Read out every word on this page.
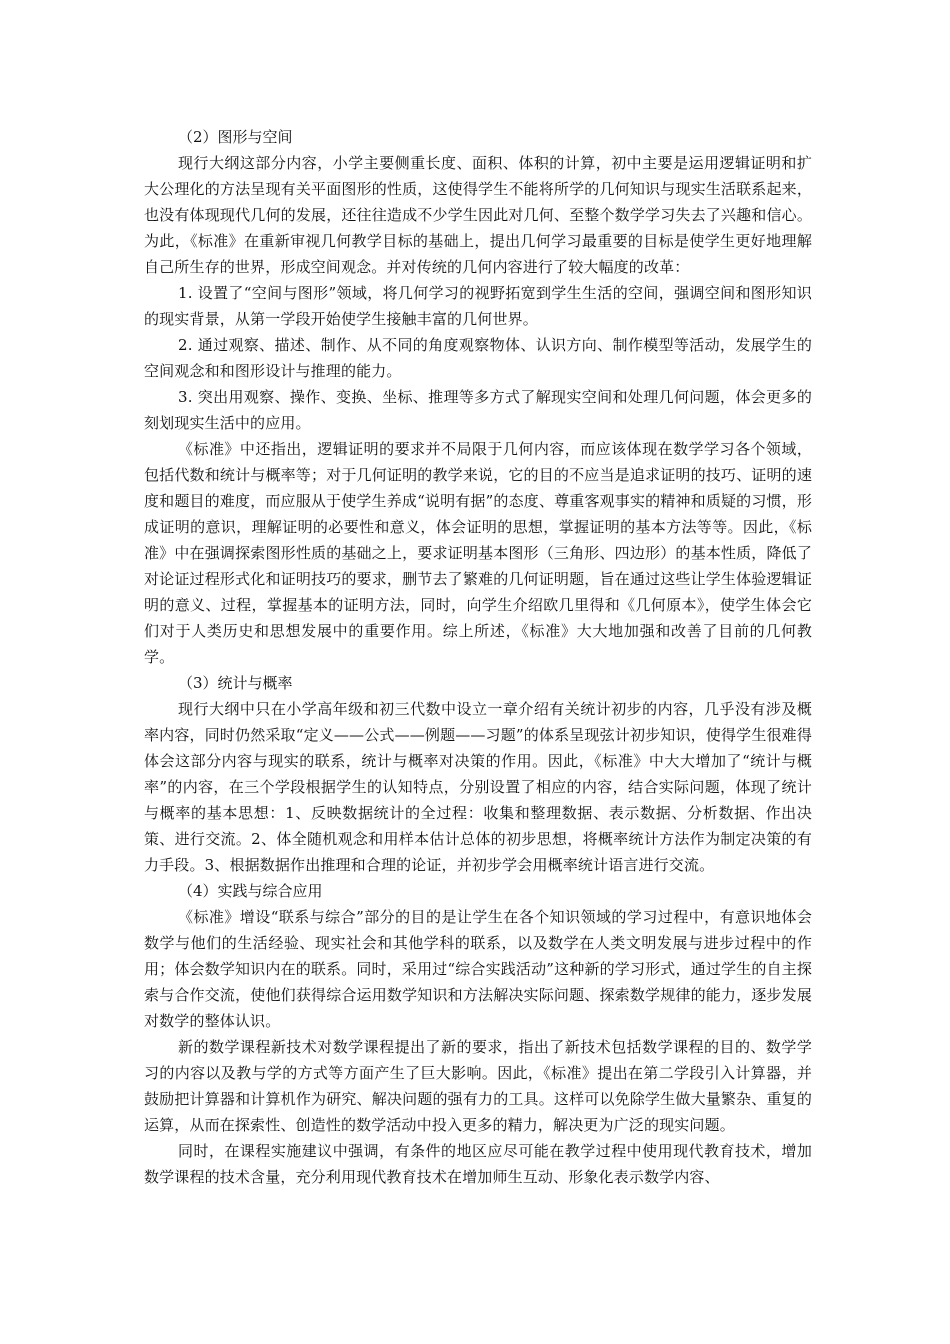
（2）图形与空间

现行大纲这部分内容，小学主要侧重长度、面积、体积的计算，初中主要是运用逻辑证明和扩大公理化的方法呈现有关平面图形的性质，这使得学生不能将所学的几何知识与现实生活联系起来，也没有体现现代几何的发展，还往往造成不少学生因此对几何、至整个数学学习失去了兴趣和信心。为此，《标准》在重新审视几何教学目标的基础上，提出几何学习最重要的目标是使学生更好地理解自己所生存的世界，形成空间观念。并对传统的几何内容进行了较大幅度的改革：

1. 设置了“空间与图形”领域，将几何学习的视野拓宽到学生生活的空间，强调空间和图形知识的现实背景，从第一学段开始使学生接触丰富的几何世界。

2. 通过观察、描述、制作、从不同的角度观察物体、认识方向、制作模型等活动，发展学生的空间观念和和图形设计与推理的能力。

3. 突出用观察、操作、变换、坐标、推理等多方式了解现实空间和处理几何问题，体会更多的刻划现实生活中的应用。

《标准》中还指出，逻辑证明的要求并不局限于几何内容，而应该体现在数学学习各个领域，包括代数和统计与概率等；对于几何证明的教学来说，它的目的不应当是追求证明的技巧、证明的速度和题目的难度，而应服从于使学生养成“说明有据”的态度、尊重客观事实的精神和质疑的习惯，形成证明的意识，理解证明的必要性和意义，体会证明的思想，掌握证明的基本方法等等。因此，《标准》中在强调探索图形性质的基础之上，要求证明基本图形（三角形、四边形）的基本性质，降低了对论证过程形式化和证明技巧的要求，删节去了繁难的几何证明题，旨在通过这些让学生体验逻辑证明的意义、过程，掌握基本的证明方法，同时，向学生介绍欧几里得和《几何原本》，使学生体会它们对于人类历史和思想发展中的重要作用。综上所述，《标准》大大地加强和改善了目前的几何教学。

（3）统计与概率

现行大纲中只在小学高年级和初三代数中设立一章介绍有关统计初步的内容，几乎没有涉及概率内容，同时仍然采取“定义——公式——例题——习题”的体系呈现弦计初步知识，使得学生很难得体会这部分内容与现实的联系，统计与概率对决策的作用。因此，《标准》中大大增加了“统计与概率”的内容，在三个学段根据学生的认知特点，分别设置了相应的内容，结合实际问题，体现了统计与概率的基本思想：1、反映数据统计的全过程：收集和整理数据、表示数据、分析数据、作出决策、进行交流。2、体全随机观念和用样本估计总体的初步思想，将概率统计方法作为制定决策的有力手段。3、根据数据作出推理和合理的论证，并初步学会用概率统计语言进行交流。

（4）实践与综合应用

《标准》增设“联系与综合”部分的目的是让学生在各个知识领域的学习过程中，有意识地体会数学与他们的生活经验、现实社会和其他学科的联系，以及数学在人类文明发展与进步过程中的作用；体会数学知识内在的联系。同时，采用过“综合实践活动”这种新的学习形式，通过学生的自主探索与合作交流，使他们获得综合运用数学知识和方法解决实际问题、探索数学规律的能力，逐步发展对数学的整体认识。

新的数学课程新技术对数学课程提出了新的要求，指出了新技术包括数学课程的目的、数学学习的内容以及教与学的方式等方面产生了巨大影响。因此，《标准》提出在第二学段引入计算器，并鼓励把计算器和计算机作为研究、解决问题的强有力的工具。这样可以免除学生做大量繁杂、重复的运算，从而在探索性、创造性的数学活动中投入更多的精力，解决更为广泛的现实问题。

同时，在课程实施建议中强调，有条件的地区应尽可能在教学过程中使用现代教育技术，增加数学课程的技术含量，充分利用现代教育技术在增加师生互动、形象化表示数学内容、
